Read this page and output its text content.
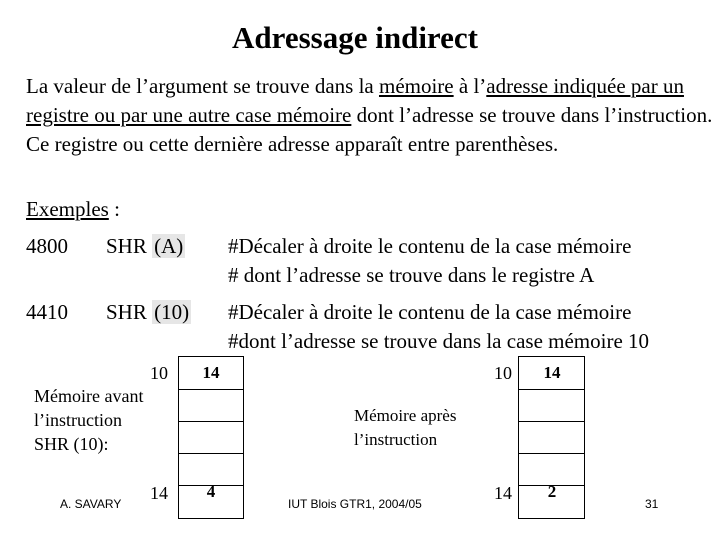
Adressage indirect
La valeur de l’argument se trouve dans la mémoire à l’adresse indiquée par un registre ou par une autre case mémoire dont l’adresse se trouve dans l’instruction. Ce registre ou cette dernière adresse apparaît entre parenthèses.
Exemples :
4800 SHR (A) #Décaler à droite le contenu de la case mémoire
# dont l’adresse se trouve dans le registre A
4410 SHR (10) #Décaler à droite le contenu de la case mémoire
#dont l’adresse se trouve dans la case mémoire 10
10	14
4
14
Mémoire avant
l’instruction
SHR (10):
10	14
2
14
Mémoire après
l’instruction
A. SAVARY	IUT Blois GTR1, 2004/05	31
